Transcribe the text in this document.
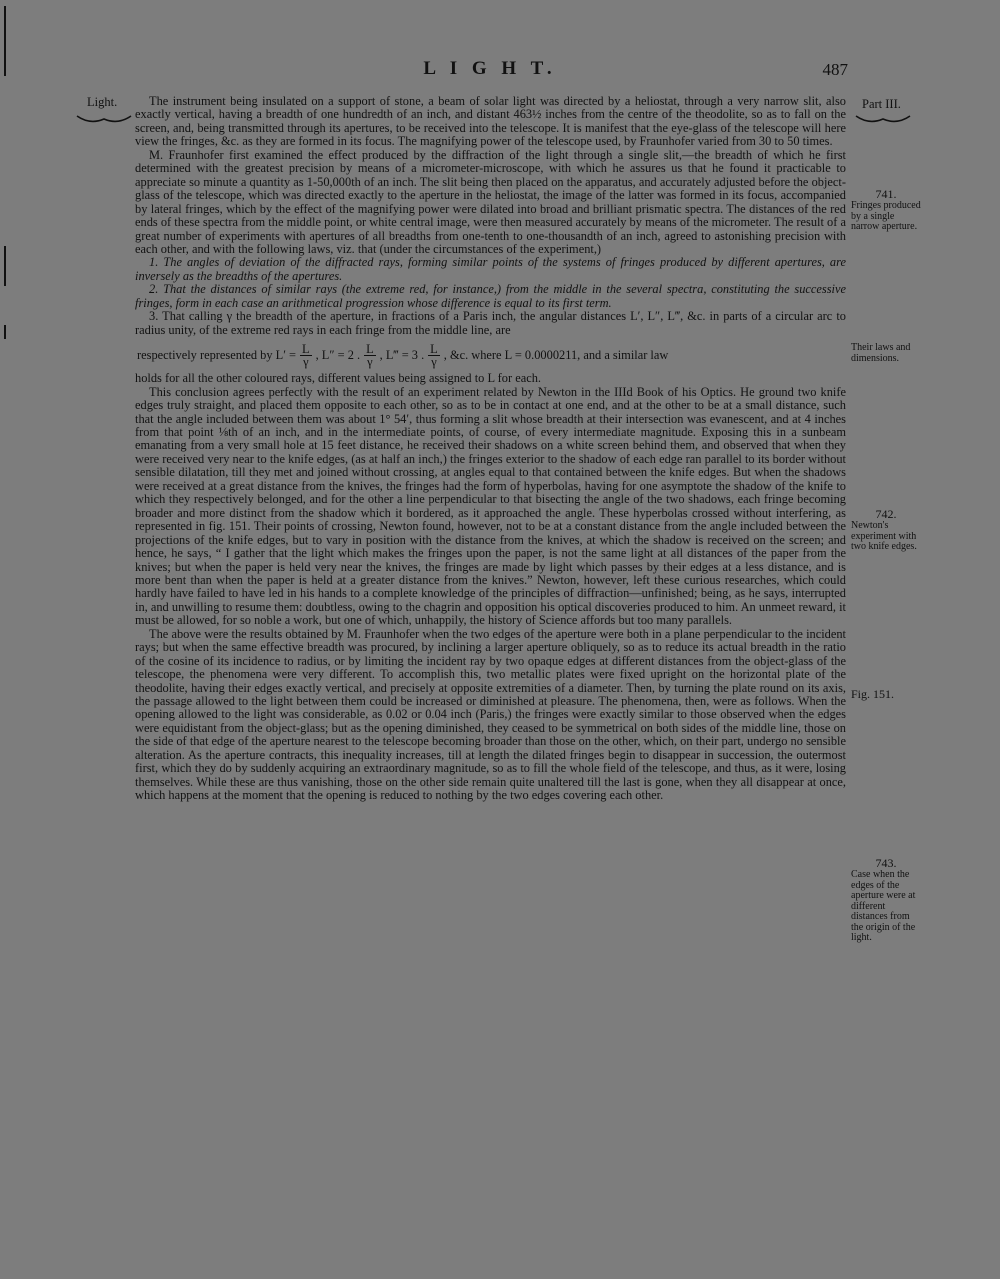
L I G H T.	487
Light.	Part III.

The instrument being insulated on a support of stone, a beam of solar light was directed by a heliostat, through a very narrow slit, also exactly vertical, having a breadth of one hundredth of an inch, and distant 463½ inches from the centre of the theodolite, so as to fall on the screen, and, being transmitted through its apertures, to be received into the telescope. It is manifest that the eye-glass of the telescope will here view the fringes, &c. as they are formed in its focus. The magnifying power of the telescope used, by Fraunhofer varied from 30 to 50 times.

M. Fraunhofer first examined the effect produced by the diffraction of the light through a single slit,—the breadth of which he first determined with the greatest precision by means of a micrometer-microscope, with which he assures us that he found it practicable to appreciate so minute a quantity as 1-50,000th of an inch. The slit being then placed on the apparatus, and accurately adjusted before the object-glass of the telescope, which was directed exactly to the aperture in the heliostat, the image of the latter was formed in its focus, accompanied by lateral fringes, which by the effect of the magnifying power were dilated into broad and brilliant prismatic spectra. The distances of the red ends of these spectra from the middle point, or white central image, were then measured accurately by means of the micrometer. The result of a great number of experiments with apertures of all breadths from one-tenth to one-thousandth of an inch, agreed to astonishing precision with each other, and with the following laws, viz. that (under the circumstances of the experiment,)

1. The angles of deviation of the diffracted rays, forming similar points of the systems of fringes produced by different apertures, are inversely as the breadths of the apertures.

2. That the distances of similar rays (the extreme red, for instance,) from the middle in the several spectra, constituting the successive fringes, form in each case an arithmetical progression whose difference is equal to its first term.

3. That calling γ the breadth of the aperture, in fractions of a Paris inch, the angular distances L′, L″, L‴, &c. in parts of a circular arc to radius unity, of the extreme red rays in each fringe from the middle line, are

respectively represented by $L' = \frac{L}{\gamma}$ , L″ = 2 . $\frac{L}{\gamma}$ , L‴ = 3 . $\frac{L}{\gamma}$ , &c. where L = 0.0000211, and a similar law

holds for all the other coloured rays, different values being assigned to L for each.

This conclusion agrees perfectly with the result of an experiment related by Newton in the IIId Book of his Optics. He ground two knife edges truly straight, and placed them opposite to each other, so as to be in contact at one end, and at the other to be at a small distance, such that the angle included between them was about 1° 54′, thus forming a slit whose breadth at their intersection was evanescent, and at 4 inches from that point ⅛th of an inch, and in the intermediate points, of course, of every intermediate magnitude. Exposing this in a sunbeam emanating from a very small hole at 15 feet distance, he received their shadows on a white screen behind them, and observed that when they were received very near to the knife edges, (as at half an inch,) the fringes exterior to the shadow of each edge ran parallel to its border without sensible dilatation, till they met and joined without crossing, at angles equal to that contained between the knife edges. But when the shadows were received at a great distance from the knives, the fringes had the form of hyperbolas, having for one asymptote the shadow of the knife to which they respectively belonged, and for the other a line perpendicular to that bisecting the angle of the two shadows, each fringe becoming broader and more distinct from the shadow which it bordered, as it approached the angle. These hyperbolas crossed without interfering, as represented in fig. 151. Their points of crossing, Newton found, however, not to be at a constant distance from the angle included between the projections of the knife edges, but to vary in position with the distance from the knives, at which the shadow is received on the screen; and hence, he says, “ I gather that the light which makes the fringes upon the paper, is not the same light at all distances of the paper from the knives; but when the paper is held very near the knives, the fringes are made by light which passes by their edges at a less distance, and is more bent than when the paper is held at a greater distance from the knives.” Newton, however, left these curious researches, which could hardly have failed to have led in his hands to a complete knowledge of the principles of diffraction—unfinished; being, as he says, interrupted in, and unwilling to resume them: doubtless, owing to the chagrin and opposition his optical discoveries produced to him. An unmeet reward, it must be allowed, for so noble a work, but one of which, unhappily, the history of Science affords but too many parallels.

The above were the results obtained by M. Fraunhofer when the two edges of the aperture were both in a plane perpendicular to the incident rays; but when the same effective breadth was procured, by inclining a larger aperture obliquely, so as to reduce its actual breadth in the ratio of the cosine of its incidence to radius, or by limiting the incident ray by two opaque edges at different distances from the object-glass of the telescope, the phenomena were very different. To accomplish this, two metallic plates were fixed upright on the horizontal plate of the theodolite, having their edges exactly vertical, and precisely at opposite extremities of a diameter. Then, by turning the plate round on its axis, the passage allowed to the light between them could be increased or diminished at pleasure. The phenomena, then, were as follows. When the opening allowed to the light was considerable, as 0.02 or 0.04 inch (Paris,) the fringes were exactly similar to those observed when the edges were equidistant from the object-glass; but as the opening diminished, they ceased to be symmetrical on both sides of the middle line, those on the side of that edge of the aperture nearest to the telescope becoming broader than those on the other, which, on their part, undergo no sensible alteration. As the aperture contracts, this inequality increases, till at length the dilated fringes begin to disappear in succession, the outermost first, which they do by suddenly acquiring an extraordinary magnitude, so as to fill the whole field of the telescope, and thus, as it were, losing themselves. While these are thus vanishing, those on the other side remain quite unaltered till the last is gone, when they all disappear at once, which happens at the moment that the opening is reduced to nothing by the two edges covering each other.

741.
Fringes produced by a single narrow aperture.
Their laws and dimensions.
742.
Newton's experiment with two knife edges.
Fig. 151.
743.
Case when the edges of the aperture were at different distances from the origin of the light.
